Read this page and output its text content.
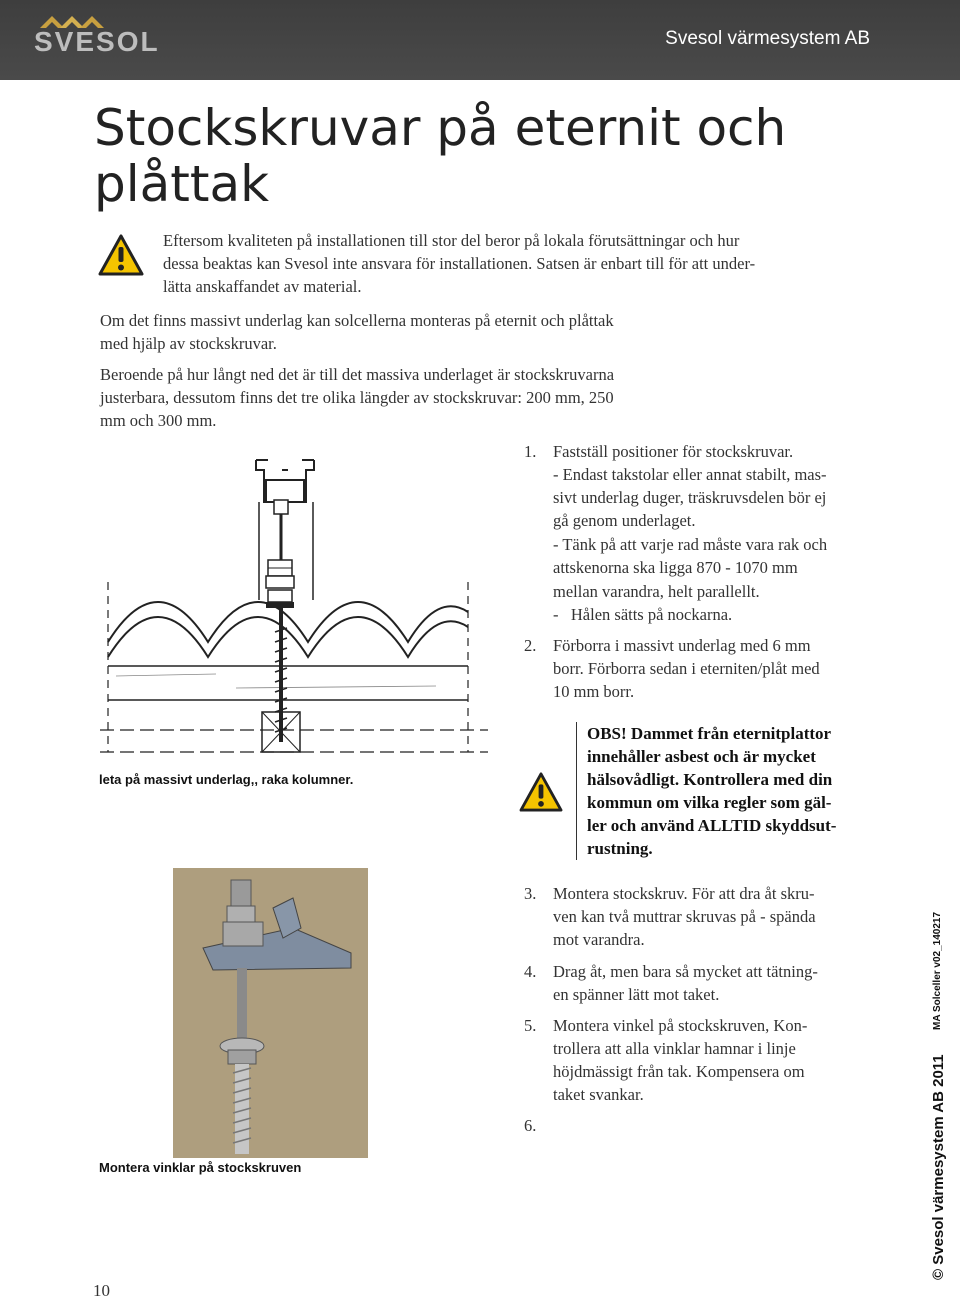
SVESOL	Svesol värmesystem AB
Stockskruvar på eternit och plåttak

Eftersom kvaliteten på installationen till stor del beror på lokala förutsättningar och hur

dessa beaktas kan Svesol inte ansvara för installationen. Satsen är enbart till för att under-

lätta anskaffandet av material.

Om det finns massivt underlag kan solcellerna monteras på eternit och plåttak

med hjälp av stockskruvar.

Beroende på hur långt ned det är till det massiva underlaget är stockskruvarna

justerbara, dessutom finns det tre olika längder av stockskruvar: 200 mm, 250

mm och 300 mm.

leta på massivt underlag,, raka kolumner.
Montera vinklar på stockskruven
1. Fastställ positioner för stockskruvar.
- Endast takstolar eller annat stabilt, mas-
sivt underlag duger, träskruvsdelen bör ej
gå genom underlaget.
- Tänk på att varje rad måste vara rak och
attskenorna ska ligga 870 - 1070 mm
mellan varandra, helt parallellt.
-   Hålen sätts på nockarna.
2. Förborra i massivt underlag med 6 mm
borr. Förborra sedan i eterniten/plåt med
10 mm borr.
OBS! Dammet från eternitplattor
innehåller asbest och är mycket
hälsovådligt. Kontrollera med din
kommun om vilka regler som gäl-
ler och använd ALLTID skyddsut-
rustning.
3. Montera stockskruv. För att dra åt skru-
ven kan två muttrar skruvas på - spända
mot varandra.
4. Drag åt, men bara så mycket att tätning-
en spänner lätt mot taket.
5. Montera vinkel på stockskruven, Kon-
trollera att alla vinklar hamnar i linje
höjdmässigt från tak. Kompensera om
taket svankar.
6.	© Svesol värmesystem AB 2011
MA Solceller v02_140217
10
